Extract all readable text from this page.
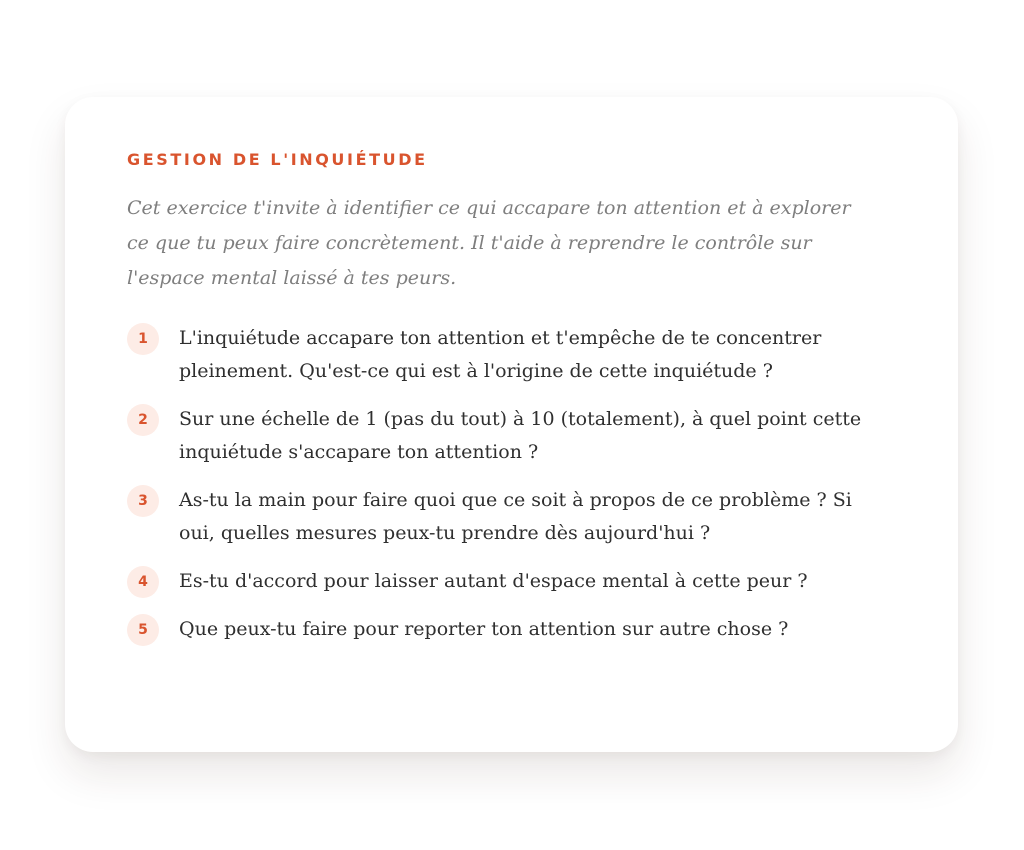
GESTION DE L'INQUIÉTUDE

Cet exercice t'invite à identifier ce qui accapare ton attention et à explorer ce que tu peux faire concrètement. Il t'aide à reprendre le contrôle sur l'espace mental laissé à tes peurs.

1	L'inquiétude accapare ton attention et t'empêche de te concentrer pleinement. Qu'est-ce qui est à l'origine de cette inquiétude ?
2	Sur une échelle de 1 (pas du tout) à 10 (totalement), à quel point cette inquiétude s'accapare ton attention ?
3	As-tu la main pour faire quoi que ce soit à propos de ce problème ? Si oui, quelles mesures peux-tu prendre dès aujourd'hui ?
4	Es-tu d'accord pour laisser autant d'espace mental à cette peur ?
5	Que peux-tu faire pour reporter ton attention sur autre chose ?
